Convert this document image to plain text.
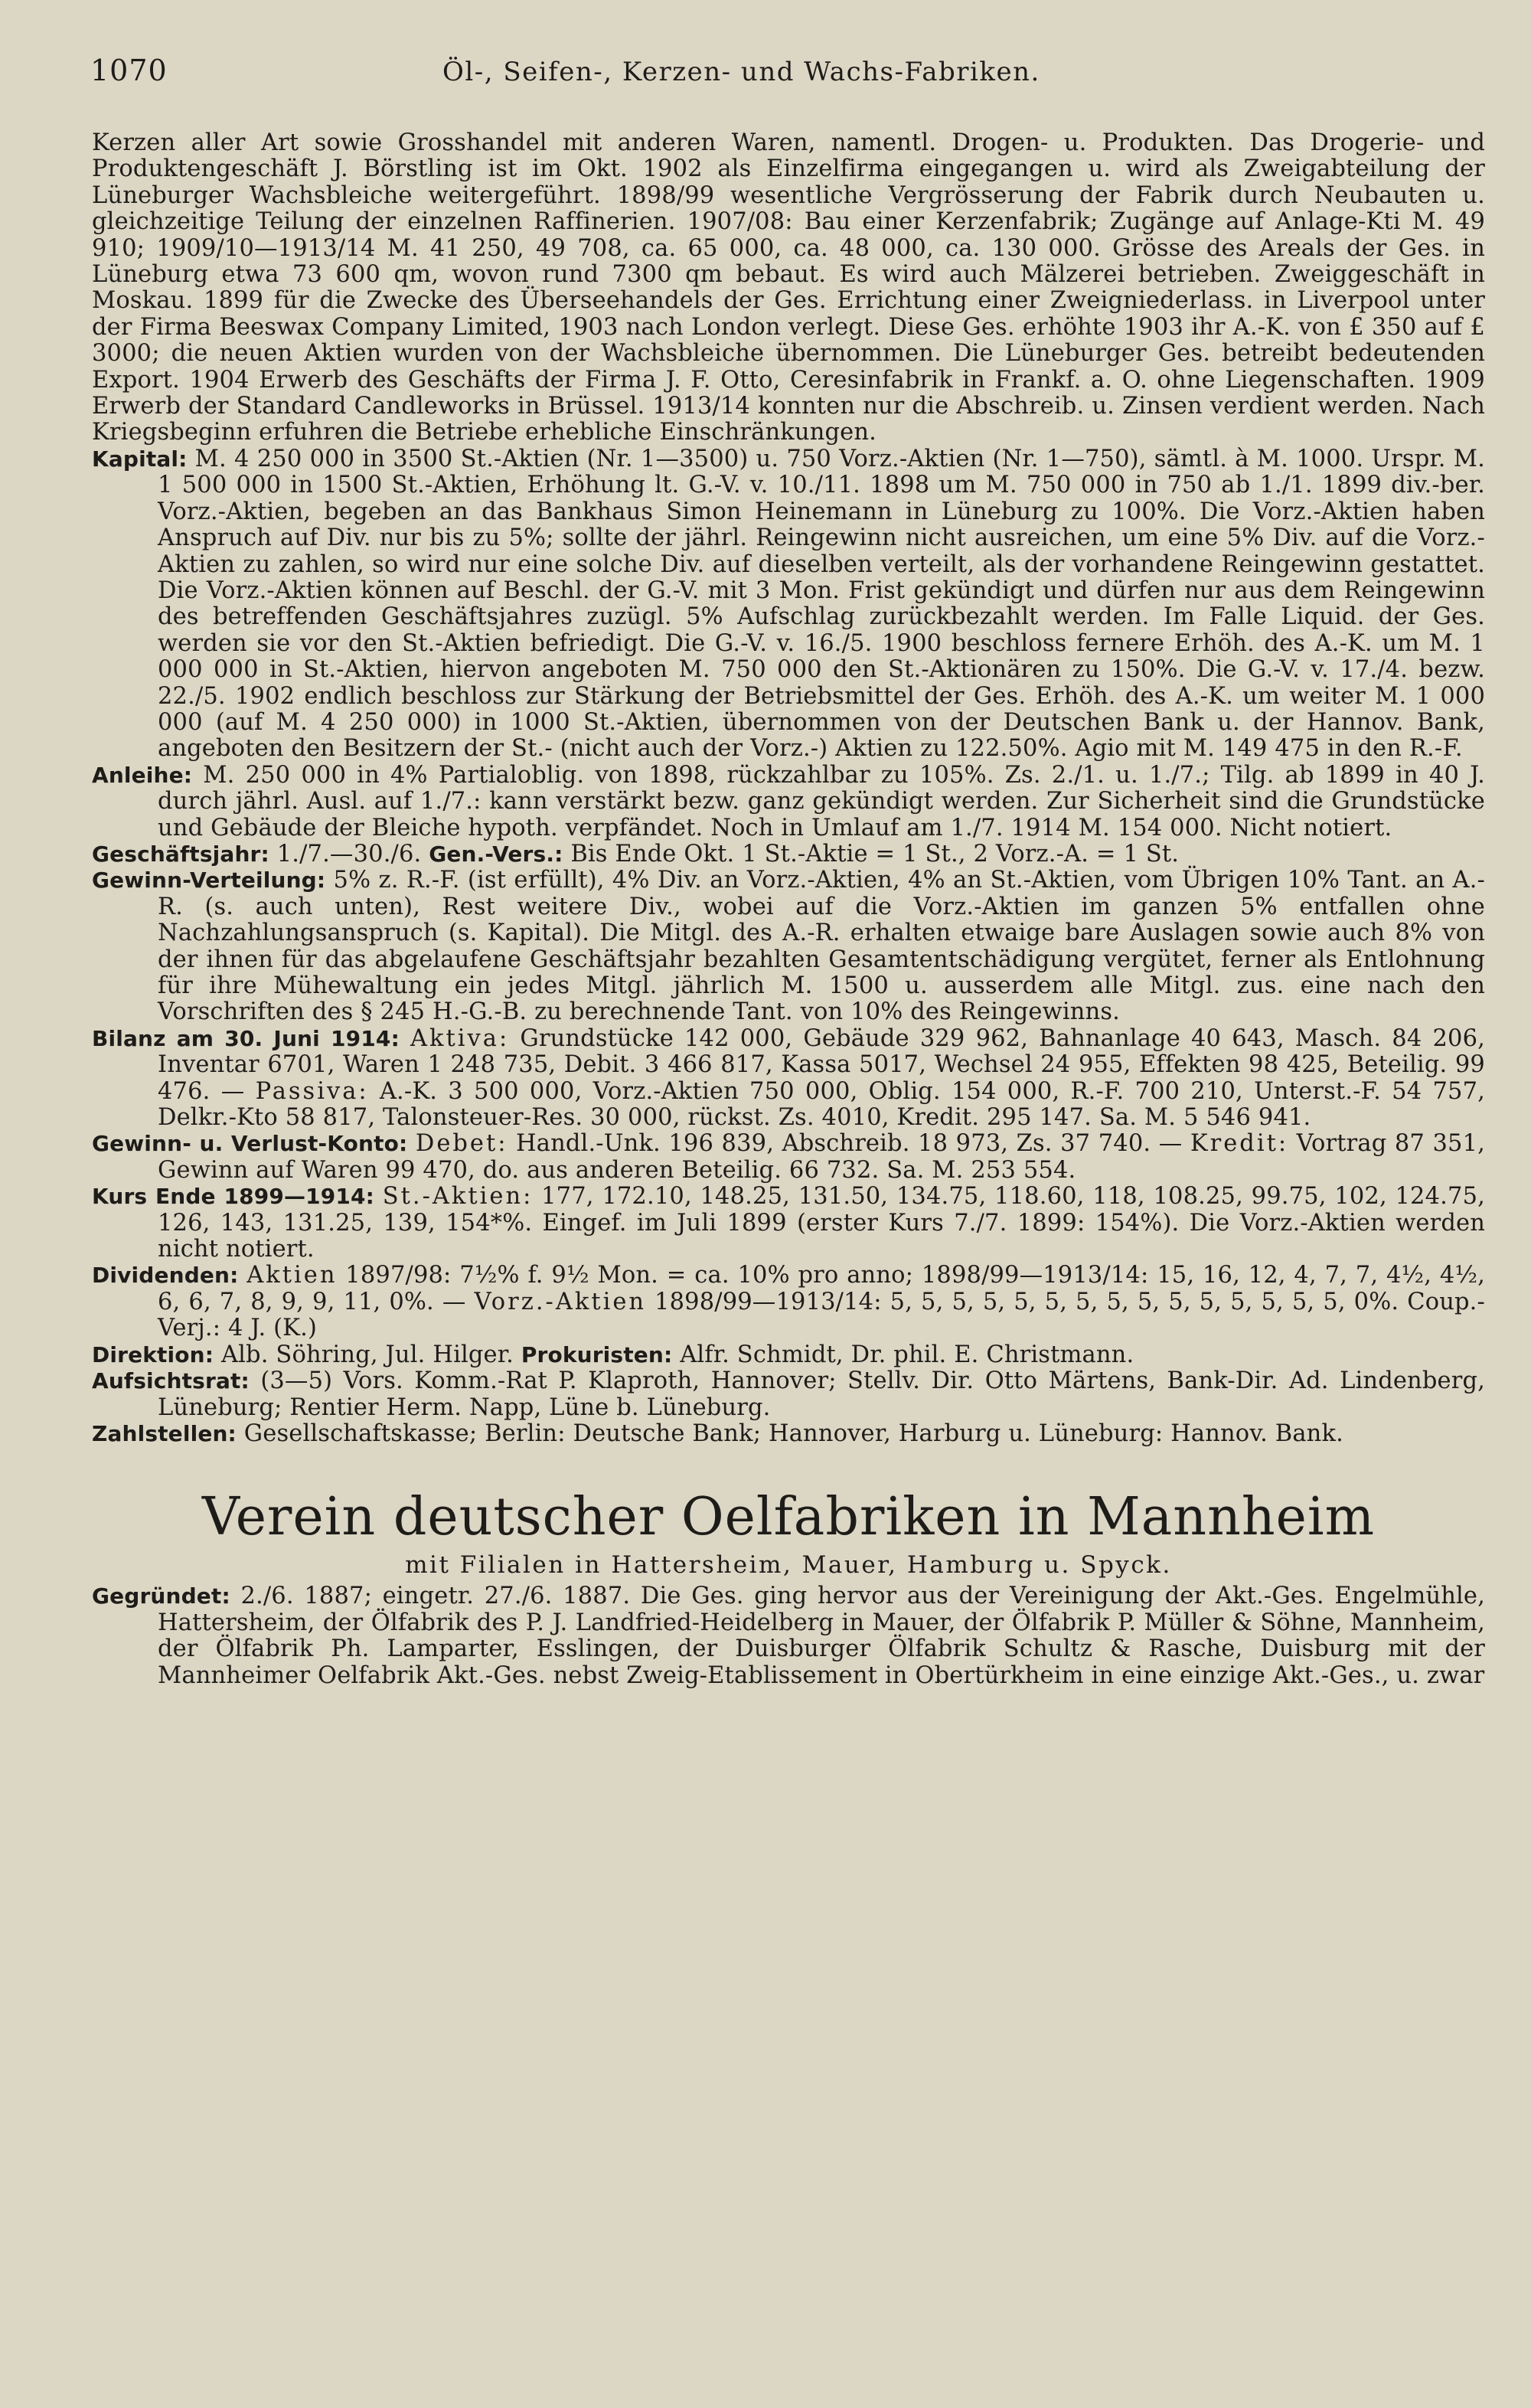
1070	Öl-, Seifen-, Kerzen- und Wachs-Fabriken.

Kerzen aller Art sowie Grosshandel mit anderen Waren, namentl. Drogen- u. Produkten. Das Drogerie- und Produktengeschäft J. Börstling ist im Okt. 1902 als Einzelfirma eingegangen u. wird als Zweigabteilung der Lüneburger Wachsbleiche weitergeführt. 1898/99 wesentliche Vergrösserung der Fabrik durch Neubauten u. gleichzeitige Teilung der einzelnen Raffinerien. 1907/08: Bau einer Kerzenfabrik; Zugänge auf Anlage-Kti M. 49 910; 1909/10—1913/14 M. 41 250, 49 708, ca. 65 000, ca. 48 000, ca. 130 000. Grösse des Areals der Ges. in Lüneburg etwa 73 600 qm, wovon rund 7300 qm bebaut. Es wird auch Mälzerei betrieben. Zweiggeschäft in Moskau. 1899 für die Zwecke des Überseehandels der Ges. Errichtung einer Zweigniederlass. in Liverpool unter der Firma Beeswax Company Limited, 1903 nach London verlegt. Diese Ges. erhöhte 1903 ihr A.-K. von £ 350 auf £ 3000; die neuen Aktien wurden von der Wachsbleiche übernommen. Die Lüneburger Ges. betreibt bedeutenden Export. 1904 Erwerb des Geschäfts der Firma J. F. Otto, Ceresinfabrik in Frankf. a. O. ohne Liegenschaften. 1909 Erwerb der Standard Candleworks in Brüssel. 1913/14 konnten nur die Abschreib. u. Zinsen verdient werden. Nach Kriegsbeginn erfuhren die Betriebe erhebliche Einschränkungen.

Kapital: M. 4 250 000 in 3500 St.-Aktien (Nr. 1—3500) u. 750 Vorz.-Aktien (Nr. 1—750), sämtl. à M. 1000. Urspr. M. 1 500 000 in 1500 St.-Aktien, Erhöhung lt. G.-V. v. 10./11. 1898 um M. 750 000 in 750 ab 1./1. 1899 div.-ber. Vorz.-Aktien, begeben an das Bankhaus Simon Heinemann in Lüneburg zu 100%. Die Vorz.-Aktien haben Anspruch auf Div. nur bis zu 5%; sollte der jährl. Reingewinn nicht ausreichen, um eine 5% Div. auf die Vorz.-Aktien zu zahlen, so wird nur eine solche Div. auf dieselben verteilt, als der vorhandene Reingewinn gestattet. Die Vorz.-Aktien können auf Beschl. der G.-V. mit 3 Mon. Frist gekündigt und dürfen nur aus dem Reingewinn des betreffenden Geschäftsjahres zuzügl. 5% Aufschlag zurückbezahlt werden. Im Falle Liquid. der Ges. werden sie vor den St.-Aktien befriedigt. Die G.-V. v. 16./5. 1900 beschloss fernere Erhöh. des A.-K. um M. 1 000 000 in St.-Aktien, hiervon angeboten M. 750 000 den St.-Aktionären zu 150%. Die G.-V. v. 17./4. bezw. 22./5. 1902 endlich beschloss zur Stärkung der Betriebsmittel der Ges. Erhöh. des A.-K. um weiter M. 1 000 000 (auf M. 4 250 000) in 1000 St.-Aktien, übernommen von der Deutschen Bank u. der Hannov. Bank, angeboten den Besitzern der St.- (nicht auch der Vorz.-) Aktien zu 122.50%. Agio mit M. 149 475 in den R.-F.

Anleihe: M. 250 000 in 4% Partialoblig. von 1898, rückzahlbar zu 105%. Zs. 2./1. u. 1./7.; Tilg. ab 1899 in 40 J. durch jährl. Ausl. auf 1./7.: kann verstärkt bezw. ganz gekündigt werden. Zur Sicherheit sind die Grundstücke und Gebäude der Bleiche hypoth. verpfändet. Noch in Umlauf am 1./7. 1914 M. 154 000. Nicht notiert.

Geschäftsjahr: 1./7.—30./6. Gen.-Vers.: Bis Ende Okt. 1 St.-Aktie = 1 St., 2 Vorz.-A. = 1 St.

Gewinn-Verteilung: 5% z. R.-F. (ist erfüllt), 4% Div. an Vorz.-Aktien, 4% an St.-Aktien, vom Übrigen 10% Tant. an A.-R. (s. auch unten), Rest weitere Div., wobei auf die Vorz.-Aktien im ganzen 5% entfallen ohne Nachzahlungsanspruch (s. Kapital). Die Mitgl. des A.-R. erhalten etwaige bare Auslagen sowie auch 8% von der ihnen für das abgelaufene Geschäftsjahr bezahlten Gesamtentschädigung vergütet, ferner als Entlohnung für ihre Mühewaltung ein jedes Mitgl. jährlich M. 1500 u. ausserdem alle Mitgl. zus. eine nach den Vorschriften des § 245 H.-G.-B. zu berechnende Tant. von 10% des Reingewinns.

Bilanz am 30. Juni 1914: Aktiva: Grundstücke 142 000, Gebäude 329 962, Bahnanlage 40 643, Masch. 84 206, Inventar 6701, Waren 1 248 735, Debit. 3 466 817, Kassa 5017, Wechsel 24 955, Effekten 98 425, Beteilig. 99 476. — Passiva: A.-K. 3 500 000, Vorz.-Aktien 750 000, Oblig. 154 000, R.-F. 700 210, Unterst.-F. 54 757, Delkr.-Kto 58 817, Talonsteuer-Res. 30 000, rückst. Zs. 4010, Kredit. 295 147. Sa. M. 5 546 941.

Gewinn- u. Verlust-Konto: Debet: Handl.-Unk. 196 839, Abschreib. 18 973, Zs. 37 740. — Kredit: Vortrag 87 351, Gewinn auf Waren 99 470, do. aus anderen Beteilig. 66 732. Sa. M. 253 554.

Kurs Ende 1899—1914: St.-Aktien: 177, 172.10, 148.25, 131.50, 134.75, 118.60, 118, 108.25, 99.75, 102, 124.75, 126, 143, 131.25, 139, 154*%. Eingef. im Juli 1899 (erster Kurs 7./7. 1899: 154%). Die Vorz.-Aktien werden nicht notiert.

Dividenden: Aktien 1897/98: 7½% f. 9½ Mon. = ca. 10% pro anno; 1898/99—1913/14: 15, 16, 12, 4, 7, 7, 4½, 4½, 6, 6, 7, 8, 9, 9, 11, 0%. — Vorz.-Aktien 1898/99—1913/14: 5, 5, 5, 5, 5, 5, 5, 5, 5, 5, 5, 5, 5, 5, 5, 0%. Coup.-Verj.: 4 J. (K.)

Direktion: Alb. Söhring, Jul. Hilger. Prokuristen: Alfr. Schmidt, Dr. phil. E. Christmann.

Aufsichtsrat: (3—5) Vors. Komm.-Rat P. Klaproth, Hannover; Stellv. Dir. Otto Märtens, Bank-Dir. Ad. Lindenberg, Lüneburg; Rentier Herm. Napp, Lüne b. Lüneburg.

Zahlstellen: Gesellschaftskasse; Berlin: Deutsche Bank; Hannover, Harburg u. Lüneburg: Hannov. Bank.

Verein deutscher Oelfabriken in Mannheim
mit Filialen in Hattersheim, Mauer, Hamburg u. Spyck.

Gegründet: 2./6. 1887; eingetr. 27./6. 1887. Die Ges. ging hervor aus der Vereinigung der Akt.-Ges. Engelmühle, Hattersheim, der Ölfabrik des P. J. Landfried-Heidelberg in Mauer, der Ölfabrik P. Müller & Söhne, Mannheim, der Ölfabrik Ph. Lamparter, Esslingen, der Duisburger Ölfabrik Schultz & Rasche, Duisburg mit der Mannheimer Oelfabrik Akt.-Ges. nebst Zweig-Etablissement in Obertürkheim in eine einzige Akt.-Ges., u. zwar
